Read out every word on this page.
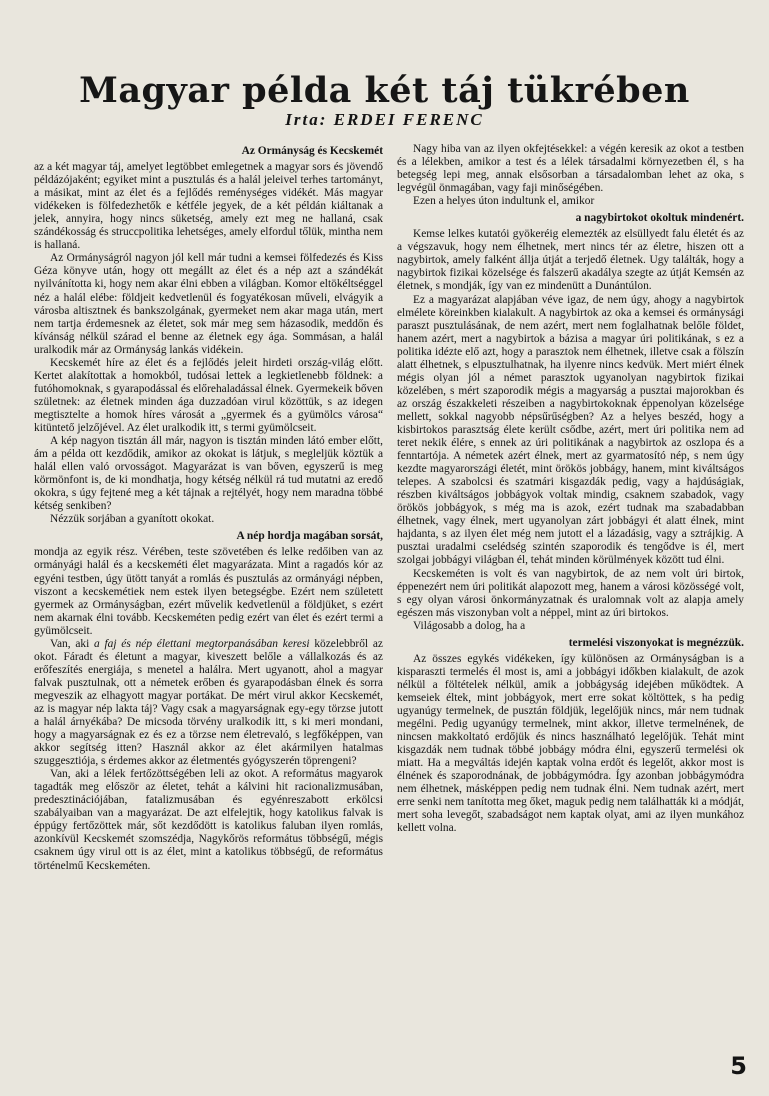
Magyar példa két táj tükrében
Irta: ERDEI FERENC
Az Ormányság és Kecskemét

az a két magyar táj, amelyet legtöbbet emlegetnek a magyar sors és jövendő példázójaként; egyiket mint a pusztulás és a halál jeleivel terhes tartományt, a másikat, mint az élet és a fejlődés reménységes vidékét. Más magyar vidékeken is fölfedezhetők e kétféle jegyek, de a két példán kiáltanak a jelek, annyira, hogy nincs süketség, amely ezt meg ne hallaná, csak szándékosság és struccpolitika lehetséges, amely elfordul tőlük, mintha nem is hallaná.

Az Ormányságról nagyon jól kell már tudni a kemsei fölfedezés és Kiss Géza könyve után, hogy ott megállt az élet és a nép azt a szándékát nyilvánította ki, hogy nem akar élni ebben a világban. Komor eltökéltséggel néz a halál elébe: földjeit kedvetlenül és fogyatékosan műveli, elvágyik a városba altisztnek és bankszolgának, gyermeket nem akar maga után, mert nem tartja érdemesnek az életet, sok már meg sem házasodik, meddőn és kívánság nélkül szárad el benne az életnek egy ága. Sommásan, a halál uralkodik már az Ormányság lankás vidékein.

Kecskemét híre az élet és a fejlődés jeleit hirdeti ország-világ előtt. Kertet alakítottak a homokból, tudósai lettek a legkietlenebb földnek: a futóhomoknak, s gyarapodással és előrehaladással élnek. Gyermekeik bőven születnek: az életnek minden ága duzzadóan virul közöttük, s az idegen megtisztelte a homok híres városát a „gyermek és a gyümölcs városa“ kitüntető jelzőjével. Az élet uralkodik itt, s termi gyümölcseit.

A kép nagyon tisztán áll már, nagyon is tisztán minden látó ember előtt, ám a példa ott kezdődik, amikor az okokat is látjuk, s megleljük köztük a halál ellen való orvosságot. Magyarázat is van bőven, egyszerű is meg körmönfont is, de ki mondhatja, hogy kétség nélkül rá tud mutatni az eredő okokra, s úgy fejtené meg a két tájnak a rejtélyét, hogy nem maradna többé kétség senkiben?

Nézzük sorjában a gyanított okokat.

A nép hordja magában sorsát,

mondja az egyik rész. Vérében, teste szövetében és lelke redőiben van az ormányági halál és a kecskeméti élet magyarázata. Mint a ragadós kór az egyéni testben, úgy ütött tanyát a romlás és pusztulás az ormányági népben, viszont a kecskemétiek nem estek ilyen betegségbe. Ezért nem született gyermek az Ormányságban, ezért művelik kedvetlenül a földjüket, s ezért nem akarnak élni tovább. Kecskeméten pedig ezért van élet és ezért termi a gyümölcseit.

Van, aki a faj és nép élettani megtorpanásában keresi közelebbről az okot. Fáradt és életunt a magyar, kiveszett belőle a vállalkozás és az erőfeszítés energiája, s menetel a halálra. Mert ugyanott, ahol a magyar falvak pusztulnak, ott a németek erőben és gyarapodásban élnek és sorra megveszik az elhagyott magyar portákat. De mért virul akkor Kecskemét, az is magyar nép lakta táj? Vagy csak a magyarságnak egy-egy törzse jutott a halál árnyékába? De micsoda törvény uralkodik itt, s ki meri mondani, hogy a magyarságnak ez és ez a törzse nem életrevaló, s legfőképpen, van akkor segítség itten? Használ akkor az élet akármilyen hatalmas szuggesztiója, s érdemes akkor az életmentés gyógyszerén töprengeni?

Van, aki a lélek fertőzöttségében leli az okot. A református magyarok tagadták meg először az életet, tehát a kálvini hit racionalizmusában, predesztinációjában, fatalizmusában és egyénreszabott erkölcsi szabályaiban van a magyarázat. De azt elfelejtik, hogy katolikus falvak is éppúgy fertőzöttek már, sőt kezdődött is katolikus faluban ilyen romlás, azonkívül Kecskemét szomszédja, Nagykőrös református többségű, mégis csaknem úgy virul ott is az élet, mint a katolikus többségű, de református történelmű Kecskeméten.

Nagy hiba van az ilyen okfejtésekkel: a végén keresik az okot a testben és a lélekben, amikor a test és a lélek társadalmi környezetben él, s ha betegség lepi meg, annak elsősorban a társadalomban lehet az oka, s legvégül önmagában, vagy faji minőségében.

Ezen a helyes úton indultunk el, amikor

a nagybirtokot okoltuk mindenért.

Kemse lelkes kutatói gyökeréig elemezték az elsüllyedt falu életét és az a végszavuk, hogy nem élhetnek, mert nincs tér az életre, hiszen ott a nagybirtok, amely falként állja útját a terjedő életnek. Ugy találták, hogy a nagybirtok fizikai közelsége és falszerű akadálya szegte az útját Kemsén az életnek, s mondják, így van ez mindenütt a Dunántúlon.

Ez a magyarázat alapjában véve igaz, de nem úgy, ahogy a nagybirtok elmélete köreinkben kialakult. A nagybirtok az oka a kemsei és ormánysági paraszt pusztulásának, de nem azért, mert nem foglalhatnak belőle földet, hanem azért, mert a nagybirtok a bázisa a magyar úri politikának, s ez a politika idézte elő azt, hogy a parasztok nem élhetnek, illetve csak a fölszín alatt élhetnek, s elpusztulhatnak, ha ilyenre nincs kedvük. Mert miért élnek mégis olyan jól a német parasztok ugyanolyan nagybirtok fizikai közelében, s mért szaporodik mégis a magyarság a pusztai majorokban és az ország északkeleti részeiben a nagybirtokoknak éppenolyan közelsége mellett, sokkal nagyobb népsűrűségben? Az a helyes beszéd, hogy a kisbirtokos parasztság élete került csődbe, azért, mert úri politika nem ad teret nekik élére, s ennek az úri politikának a nagybirtok az oszlopa és a fenntartója. A németek azért élnek, mert az gyarmatosító nép, s nem úgy kezdte magyarországi életét, mint örökös jobbágy, hanem, mint kiváltságos telepes. A szabolcsi és szatmári kisgazdák pedig, vagy a hajdúságiak, részben kiváltságos jobbágyok voltak mindig, csaknem szabadok, vagy örökös jobbágyok, s még ma is azok, ezért tudnak ma szabadabban élhetnek, vagy élnek, mert ugyanolyan zárt jobbágyi ét alatt élnek, mint hajdanta, s az ilyen élet még nem jutott el a lázadásig, vagy a sztrájkig. A pusztai uradalmi cselédség szintén szaporodik és tengődve is él, mert szolgai jobbágyi világban él, tehát minden körülmények között tud élni.

Kecskeméten is volt és van nagybirtok, de az nem volt úri birtok, éppenezért nem úri politikát alapozott meg, hanem a városi közösségé volt, s egy olyan városi önkormányzatnak és uralomnak volt az alapja amely egészen más viszonyban volt a néppel, mint az úri birtokos.

Világosabb a dolog, ha a

termelési viszonyokat is megnézzük.

Az összes egykés vidékeken, így különösen az Ormányságban is a kisparaszti termelés él most is, ami a jobbágyi időkben kialakult, de azok nélkül a föltételek nélkül, amik a jobbágyság idejében működtek. A kemseiek éltek, mint jobbágyok, mert erre sokat költöttek, s ha pedig ugyanúgy termelnek, de pusztán földjük, legelőjük nincs, már nem tudnak megélni. Pedig ugyanúgy termelnek, mint akkor, illetve termelnének, de nincsen makkoltató erdőjük és nincs használható legelőjük. Tehát mint kisgazdák nem tudnak többé jobbágy módra élni, egyszerű termelési ok miatt. Ha a megváltás idején kaptak volna erdőt és legelőt, akkor most is élnének és szaporodnának, de jobbágymódra. Így azonban jobbágymódra nem élhetnek, másképpen pedig nem tudnak élni. Nem tudnak azért, mert erre senki nem tanította meg őket, maguk pedig nem találhatták ki a módját, mert soha levegőt, szabadságot nem kaptak olyat, ami az ilyen munkához kellett volna.

5
